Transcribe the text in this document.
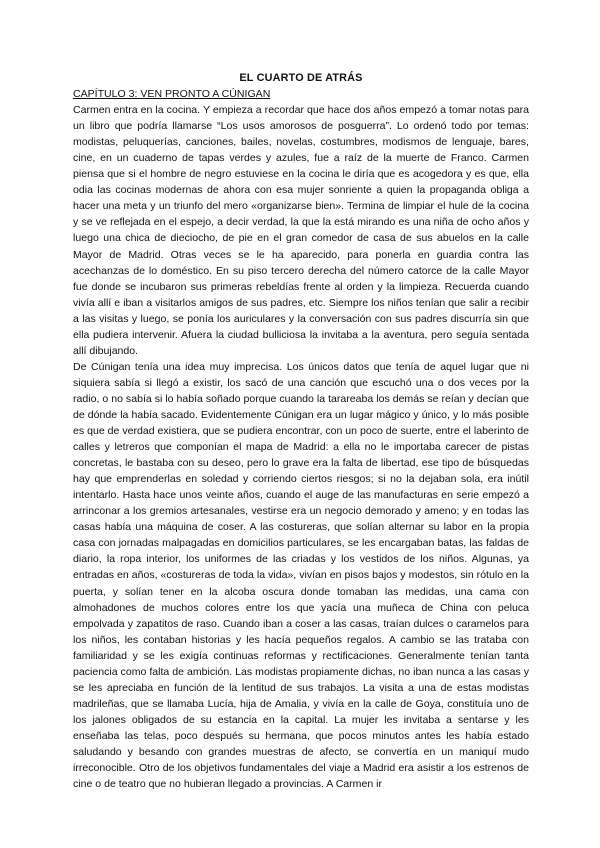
EL CUARTO DE ATRÁS

CAPÍTULO 3: VEN PRONTO A CÚNIGAN

Carmen entra en la cocina. Y empieza a recordar que hace dos años empezó a tomar notas para un libro que podría llamarse “Los usos amorosos de posguerra”. Lo ordenó todo por temas: modistas, peluquerías, canciones, bailes, novelas, costumbres, modismos de lenguaje, bares, cine, en un cuaderno de tapas verdes y azules, fue a raíz de la muerte de Franco. Carmen piensa que si el hombre de negro estuviese en la cocina le diría que es acogedora y es que, ella odia las cocinas modernas de ahora con esa mujer sonriente a quien la propaganda obliga a hacer una meta y un triunfo del mero «organizarse bien». Termina de limpiar el hule de la cocina y se ve reflejada en el espejo, a decir verdad, la que la está mirando es una niña de ocho años y luego una chica de dieciocho, de pie en el gran comedor de casa de sus abuelos en la calle Mayor de Madrid. Otras veces se le ha aparecido, para ponerla en guardia contra las acechanzas de lo doméstico. En su piso tercero derecha del número catorce de la calle Mayor fue donde se incubaron sus primeras rebeldías frente al orden y la limpieza. Recuerda cuando vivía allí e iban a visitarlos amigos de sus padres, etc. Siempre los niños tenían que salir a recibir a las visitas y luego, se ponía los auriculares y la conversación con sus padres discurría sin que ella pudiera intervenir. Afuera la ciudad bulliciosa la invitaba a la aventura, pero seguía sentada allí dibujando.

De Cúnigan tenía una idea muy imprecisa. Los únicos datos que tenía de aquel lugar que ni siquiera sabía si llegó a existir, los sacó de una canción que escuchó una o dos veces por la radio, o no sabía si lo había soñado porque cuando la tarareaba los demás se reían y decían que de dónde la había sacado. Evidentemente Cúnigan era un lugar mágico y único, y lo más posible es que de verdad existiera, que se pudiera encontrar, con un poco de suerte, entre el laberinto de calles y letreros que componían el mapa de Madrid: a ella no le importaba carecer de pistas concretas, le bastaba con su deseo, pero lo grave era la falta de libertad, ese tipo de búsquedas hay que emprenderlas en soledad y corriendo ciertos riesgos; si no la dejaban sola, era inútil intentarlo. Hasta hace unos veinte años, cuando el auge de las manufacturas en serie empezó a arrinconar a los gremios artesanales, vestirse era un negocio demorado y ameno; y en todas las casas había una máquina de coser. A las costureras, que solían alternar su labor en la propia casa con jornadas malpagadas en domicilios particulares, se les encargaban batas, las faldas de diario, la ropa interior, los uniformes de las criadas y los vestidos de los niños. Algunas, ya entradas en años, «costureras de toda la vida», vivían en pisos bajos y modestos, sin rótulo en la puerta, y solían tener en la alcoba oscura donde tomaban las medidas, una cama con almohadones de muchos colores entre los que yacía una muñeca de China con peluca empolvada y zapatitos de raso. Cuando iban a coser a las casas, traían dulces o caramelos para los niños, les contaban historias y les hacía pequeños regalos. A cambio se las trataba con familiaridad y se les exigía continuas reformas y rectificaciones. Generalmente tenían tanta paciencia como falta de ambición. Las modistas propiamente dichas, no iban nunca a las casas y se les apreciaba en función de la lentitud de sus trabajos. La visita a una de estas modistas madrileñas, que se llamaba Lucía, hija de Amalia, y vivía en la calle de Goya, constituía uno de los jalones obligados de su estancia en la capital. La mujer les invitaba a sentarse y les enseñaba las telas, poco después su hermana, que pocos minutos antes les había estado saludando y besando con grandes muestras de afecto, se convertía en un maniquí mudo irreconocible. Otro de los objetivos fundamentales del viaje a Madrid era asistir a los estrenos de cine o de teatro que no hubieran llegado a provincias. A Carmen ir
